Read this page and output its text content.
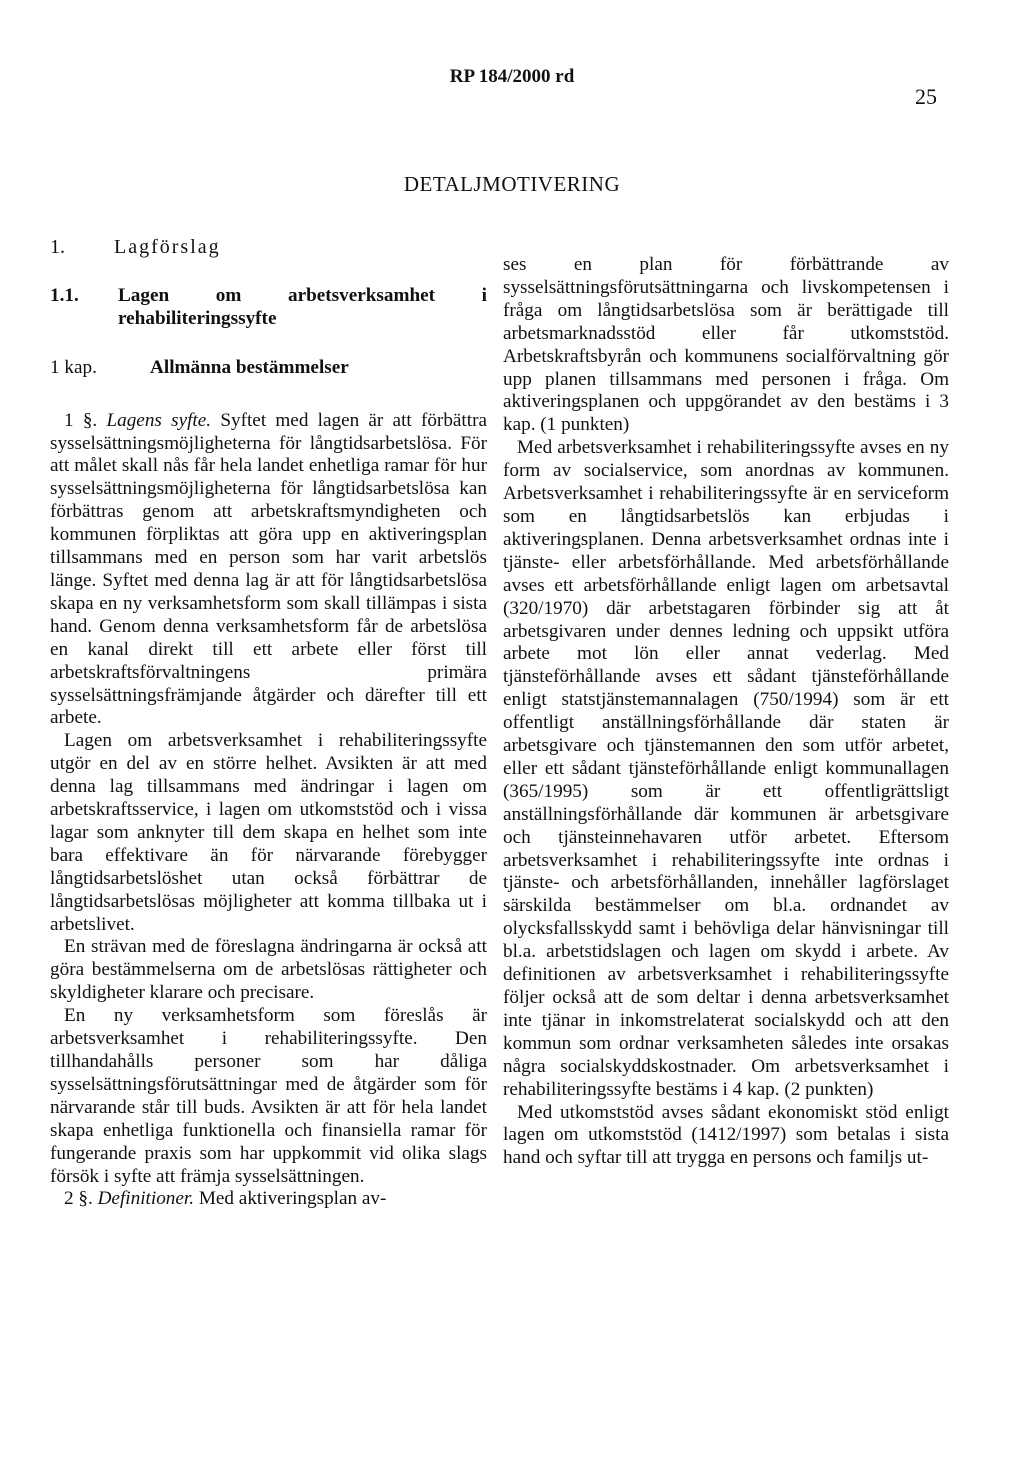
RP 184/2000 rd
25
DETALJMOTIVERING
1. Lagförslag
1.1.	Lagen om arbetsverksamhet i rehabiliteringssyfte
1 kap.	Allmänna bestämmelser

1 §. Lagens syfte. Syftet med lagen är att förbättra sysselsättningsmöjligheterna för långtidsarbetslösa. För att målet skall nås får hela landet enhetliga ramar för hur sysselsättningsmöjligheterna för långtidsarbetslösa kan förbättras genom att arbetskraftsmyndigheten och kommunen förpliktas att göra upp en aktiveringsplan tillsammans med en person som har varit arbetslös länge. Syftet med denna lag är att för långtidsarbetslösa skapa en ny verksamhetsform som skall tillämpas i sista hand. Genom denna verksamhetsform får de arbetslösa en kanal direkt till ett arbete eller först till arbetskraftsförvaltningens primära sysselsättningsfrämjande åtgärder och därefter till ett arbete.

Lagen om arbetsverksamhet i rehabiliteringssyfte utgör en del av en större helhet. Avsikten är att med denna lag tillsammans med ändringar i lagen om arbetskraftsservice, i lagen om utkomststöd och i vissa lagar som anknyter till dem skapa en helhet som inte bara effektivare än för närvarande förebygger långtidsarbetslöshet utan också förbättrar de långtidsarbetslösas möjligheter att komma tillbaka ut i arbetslivet.

En strävan med de föreslagna ändringarna är också att göra bestämmelserna om de arbetslösas rättigheter och skyldigheter klarare och precisare.

En ny verksamhetsform som föreslås är arbetsverksamhet i rehabiliteringssyfte. Den tillhandahålls personer som har dåliga sysselsättningsförutsättningar med de åtgärder som för närvarande står till buds. Avsikten är att för hela landet skapa enhetliga funktionella och finansiella ramar för fungerande praxis som har uppkommit vid olika slags försök i syfte att främja sysselsättningen.

2 §. Definitioner. Med aktiveringsplan av-

ses en plan för förbättrande av sysselsättningsförutsättningarna och livskompetensen i fråga om långtidsarbetslösa som är berättigade till arbetsmarknadsstöd eller får utkomststöd. Arbetskraftsbyrån och kommunens socialförvaltning gör upp planen tillsammans med personen i fråga. Om aktiveringsplanen och uppgörandet av den bestäms i 3 kap. (1 punkten)

Med arbetsverksamhet i rehabiliteringssyfte avses en ny form av socialservice, som anordnas av kommunen. Arbetsverksamhet i rehabiliteringssyfte är en serviceform som en långtidsarbetslös kan erbjudas i aktiveringsplanen. Denna arbetsverksamhet ordnas inte i tjänste- eller arbetsförhållande. Med arbetsförhållande avses ett arbetsförhållande enligt lagen om arbetsavtal (320/1970) där arbetstagaren förbinder sig att åt arbetsgivaren under dennes ledning och uppsikt utföra arbete mot lön eller annat vederlag. Med tjänsteförhållande avses ett sådant tjänsteförhållande enligt statstjänstemannalagen (750/1994) som är ett offentligt anställningsförhållande där staten är arbetsgivare och tjänstemannen den som utför arbetet, eller ett sådant tjänsteförhållande enligt kommunallagen (365/1995) som är ett offentligrättsligt anställningsförhållande där kommunen är arbetsgivare och tjänsteinnehavaren utför arbetet. Eftersom arbetsverksamhet i rehabiliteringssyfte inte ordnas i tjänste- och arbetsförhållanden, innehåller lagförslaget särskilda bestämmelser om bl.a. ordnandet av olycksfallsskydd samt i behövliga delar hänvisningar till bl.a. arbetstidslagen och lagen om skydd i arbete. Av definitionen av arbetsverksamhet i rehabiliteringssyfte följer också att de som deltar i denna arbetsverksamhet inte tjänar in inkomstrelaterat socialskydd och att den kommun som ordnar verksamheten således inte orsakas några socialskyddskostnader. Om arbetsverksamhet i rehabiliteringssyfte bestäms i 4 kap. (2 punkten)

Med utkomststöd avses sådant ekonomiskt stöd enligt lagen om utkomststöd (1412/1997) som betalas i sista hand och syftar till att trygga en persons och familjs ut-
